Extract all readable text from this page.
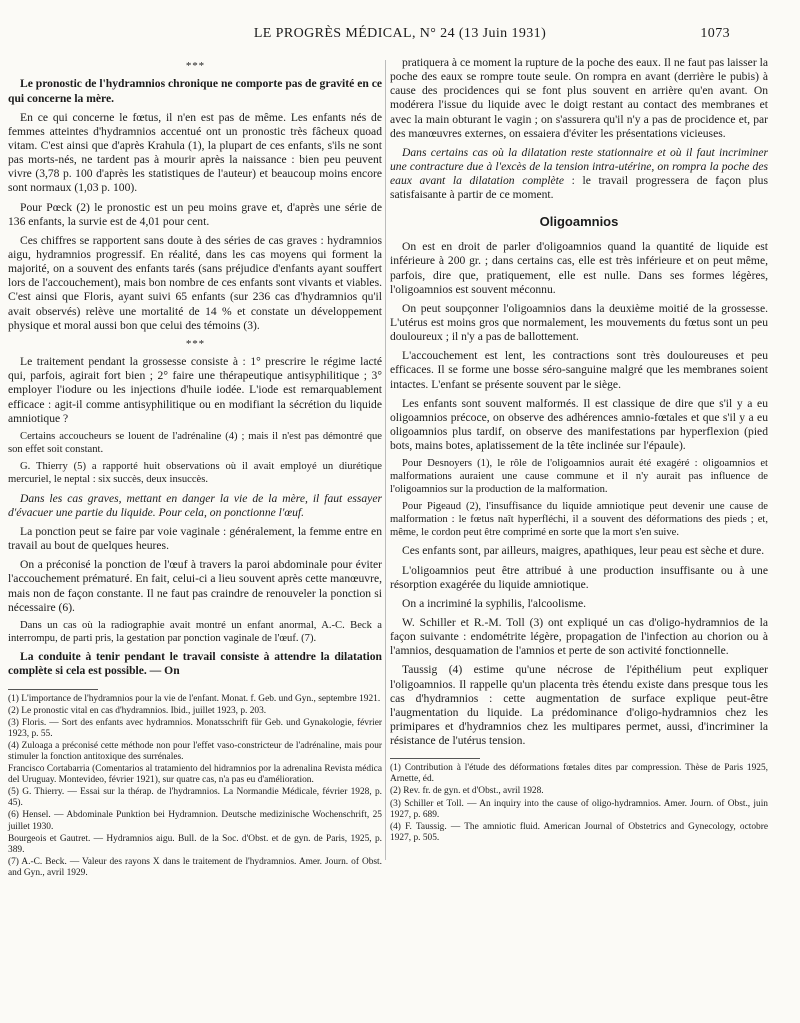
LE PROGRÈS MÉDICAL, N° 24 (13 Juin 1931)	1073
* * *

Le pronostic de l'hydramnios chronique ne comporte pas de gravité en ce qui concerne la mère.

En ce qui concerne le fœtus, il n'en est pas de même. Les enfants nés de femmes atteintes d'hydramnios accentué ont un pronostic très fâcheux quoad vitam. C'est ainsi que d'après Krahula (1), la plupart de ces enfants, s'ils ne sont pas morts-nés, ne tardent pas à mourir après la naissance : bien peu peuvent vivre (3,78 p. 100 d'après les statistiques de l'auteur) et beaucoup moins encore sont normaux (1,03 p. 100).

Pour Pœck (2) le pronostic est un peu moins grave et, d'après une série de 136 enfants, la survie est de 4,01 pour cent.

Ces chiffres se rapportent sans doute à des séries de cas graves : hydramnios aigu, hydramnios progressif. En réalité, dans les cas moyens qui forment la majorité, on a souvent des enfants tarés (sans préjudice d'enfants ayant souffert lors de l'accouchement), mais bon nombre de ces enfants sont vivants et viables. C'est ainsi que Floris, ayant suivi 65 enfants (sur 236 cas d'hydramnios qu'il avait observés) relève une mortalité de 14 % et constate un développement physique et moral aussi bon que celui des témoins (3).

* * *

Le traitement pendant la grossesse consiste à : 1° prescrire le régime lacté qui, parfois, agirait fort bien ; 2° faire une thérapeutique antisyphilitique ; 3° employer l'iodure ou les injections d'huile iodée. L'iode est remarquablement efficace : agit-il comme antisyphilitique ou en modifiant la sécrétion du liquide amniotique ?

Certains accoucheurs se louent de l'adrénaline (4) ; mais il n'est pas démontré que son effet soit constant.

G. Thierry (5) a rapporté huit observations où il avait employé un diurétique mercuriel, le neptal : six succès, deux insuccès.

Dans les cas graves, mettant en danger la vie de la mère, il faut essayer d'évacuer une partie du liquide. Pour cela, on ponctionne l'œuf.

La ponction peut se faire par voie vaginale : généralement, la femme entre en travail au bout de quelques heures.

On a préconisé la ponction de l'œuf à travers la paroi abdominale pour éviter l'accouchement prématuré. En fait, celui-ci a lieu souvent après cette manœuvre, mais non de façon constante. Il ne faut pas craindre de renouveler la ponction si nécessaire (6).

Dans un cas où la radiographie avait montré un enfant anormal, A.-C. Beck a interrompu, de parti pris, la gestation par ponction vaginale de l'œuf. (7).

La conduite à tenir pendant le travail consiste à attendre la dilatation complète si cela est possible. — On

(1) L'importance de l'hydramnios pour la vie de l'enfant. Monat. f. Geb. und Gyn., septembre 1921.
(2) Le pronostic vital en cas d'hydramnios. Ibid., juillet 1923, p. 203.
(3) Floris. — Sort des enfants avec hydramnios. Monatsschrift für Geb. und Gynakologie, février 1923, p. 55.
(4) Zuloaga a préconisé cette méthode non pour l'effet vaso-constricteur de l'adrénaline, mais pour stimuler la fonction antitoxique des surrénales.
Francisco Cortabarria (Comentarios al tratamiento del hidramnios por la adrenalina Revista médica del Uruguay. Montevideo, février 1921), sur quatre cas, n'a pas eu d'amélioration.
(5) G. Thierry. — Essai sur la thérap. de l'hydramnios. La Normandie Médicale, février 1928, p. 45).
(6) Hensel. — Abdominale Punktion bei Hydramnion. Deutsche medizinische Wochenschrift, 25 juillet 1930.
Bourgeois et Gautret. — Hydramnios aigu. Bull. de la Soc. d'Obst. et de gyn. de Paris, 1925, p. 389.
(7) A.-C. Beck. — Valeur des rayons X dans le traitement de l'hydramnios. Amer. Journ. of Obst. and Gyn., avril 1929.

pratiquera à ce moment la rupture de la poche des eaux. Il ne faut pas laisser la poche des eaux se rompre toute seule. On rompra en avant (derrière le pubis) à cause des procidences qui se font plus souvent en arrière qu'en avant. On modérera l'issue du liquide avec le doigt restant au contact des membranes et avec la main obturant le vagin ; on s'assurera qu'il n'y a pas de procidence et, par des manœuvres externes, on essaiera d'éviter les présentations vicieuses.

Dans certains cas où la dilatation reste stationnaire et où il faut incriminer une contracture due à l'excès de la tension intra-utérine, on rompra la poche des eaux avant la dilatation complète : le travail progressera de façon plus satisfaisante à partir de ce moment.

Oligoamnios

On est en droit de parler d'oligoamnios quand la quantité de liquide est inférieure à 200 gr. ; dans certains cas, elle est très inférieure et on peut même, parfois, dire que, pratiquement, elle est nulle. Dans ses formes légères, l'oligoamnios est souvent méconnu.

On peut soupçonner l'oligoamnios dans la deuxième moitié de la grossesse. L'utérus est moins gros que normalement, les mouvements du fœtus sont un peu douloureux ; il n'y a pas de ballottement.

L'accouchement est lent, les contractions sont très douloureuses et peu efficaces. Il se forme une bosse séro-sanguine malgré que les membranes soient intactes. L'enfant se présente souvent par le siège.

Les enfants sont souvent malformés. Il est classique de dire que s'il y a eu oligoamnios précoce, on observe des adhérences amnio-fœtales et que s'il y a eu oligoamnios plus tardif, on observe des manifestations par hyperflexion (pied bots, mains botes, aplatissement de la tête inclinée sur l'épaule).

Pour Desnoyers (1), le rôle de l'oligoamnios aurait été exagéré : oligoamnios et malformations auraient une cause commune et il n'y aurait pas influence de l'oligoamnios sur la production de la malformation.

Pour Pigeaud (2), l'insuffisance du liquide amniotique peut devenir une cause de malformation : le fœtus naît hyperfléchi, il a souvent des déformations des pieds ; et, même, le cordon peut être comprimé en sorte que la mort s'en suive.

Ces enfants sont, par ailleurs, maigres, apathiques, leur peau est sèche et dure.

L'oligoamnios peut être attribué à une production insuffisante ou à une résorption exagérée du liquide amniotique.

On a incriminé la syphilis, l'alcoolisme.

W. Schiller et R.-M. Toll (3) ont expliqué un cas d'oligo-hydramnios de la façon suivante : endométrite légère, propagation de l'infection au chorion ou à l'amnios, desquamation de l'amnios et perte de son activité fonctionnelle.

Taussig (4) estime qu'une nécrose de l'épithélium peut expliquer l'oligoamnios. Il rappelle qu'un placenta très étendu existe dans presque tous les cas d'hydramnios : cette augmentation de surface explique peut-être l'augmentation du liquide. La prédominance d'oligo-hydramnios chez les primipares et d'hydramnios chez les multipares permet, aussi, d'incriminer la résistance de l'utérus tension.

(1) Contribution à l'étude des déformations fœtales dites par compression. Thèse de Paris 1925, Arnette, éd.
(2) Rev. fr. de gyn. et d'Obst., avril 1928.
(3) Schiller et Toll. — An inquiry into the cause of oligo-hydramnios. Amer. Journ. of Obst., juin 1927, p. 689.
(4) F. Taussig. — The amniotic fluid. American Journal of Obstetrics and Gynecology, octobre 1927, p. 505.
